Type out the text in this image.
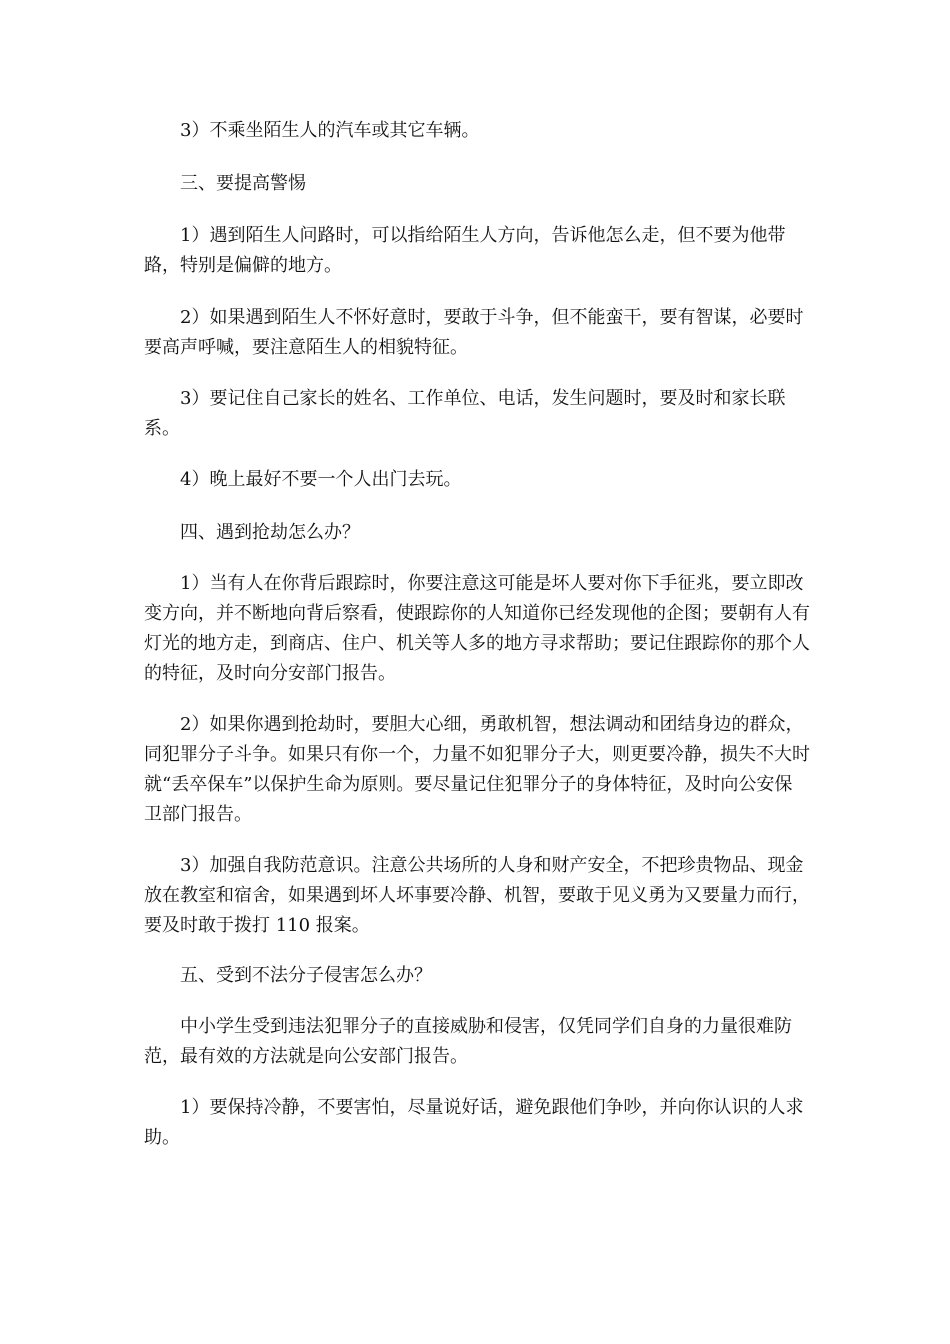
3）不乘坐陌生人的汽车或其它车辆。

三、要提高警惕

1）遇到陌生人问路时，可以指给陌生人方向，告诉他怎么走，但不要为他带路，特别是偏僻的地方。

2）如果遇到陌生人不怀好意时，要敢于斗争，但不能蛮干，要有智谋，必要时要高声呼喊，要注意陌生人的相貌特征。

3）要记住自己家长的姓名、工作单位、电话，发生问题时，要及时和家长联系。

4）晚上最好不要一个人出门去玩。

四、遇到抢劫怎么办？

1）当有人在你背后跟踪时，你要注意这可能是坏人要对你下手征兆，要立即改变方向，并不断地向背后察看，使跟踪你的人知道你已经发现他的企图；要朝有人有灯光的地方走，到商店、住户、机关等人多的地方寻求帮助；要记住跟踪你的那个人的特征，及时向分安部门报告。

2）如果你遇到抢劫时，要胆大心细，勇敢机智，想法调动和团结身边的群众，同犯罪分子斗争。如果只有你一个，力量不如犯罪分子大，则更要冷静，损失不大时就“丢卒保车”以保护生命为原则。要尽量记住犯罪分子的身体特征，及时向公安保卫部门报告。

3）加强自我防范意识。注意公共场所的人身和财产安全，不把珍贵物品、现金放在教室和宿舍，如果遇到坏人坏事要冷静、机智，要敢于见义勇为又要量力而行，要及时敢于拨打 110 报案。

五、受到不法分子侵害怎么办？

中小学生受到违法犯罪分子的直接威胁和侵害，仅凭同学们自身的力量很难防范，最有效的方法就是向公安部门报告。

1）要保持冷静，不要害怕，尽量说好话，避免跟他们争吵，并向你认识的人求助。
